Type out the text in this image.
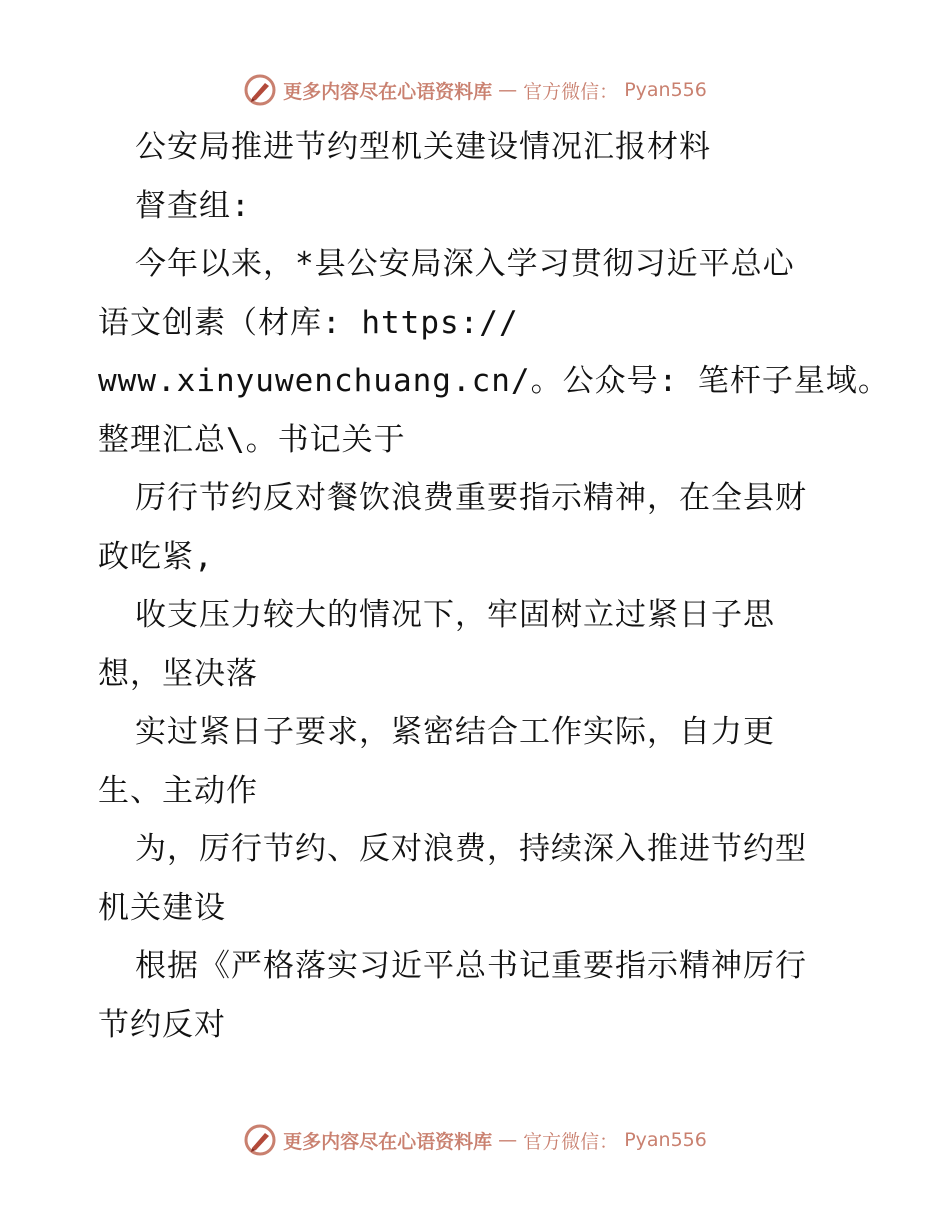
更多内容尽在心语资料库 — 官方微信： Pyan556
公安局推进节约型机关建设情况汇报材料
督查组:
今年以来，*县公安局深入学习贯彻习近平总心
语文创素（材库: https://
www.xinyuwenchuang.cn/。公众号: 笔杆子星域。
整理汇总\。书记关于
厉行节约反对餐饮浪费重要指示精神，在全县财
政吃紧,
收支压力较大的情况下，牢固树立过紧日子思
想，坚决落
实过紧日子要求，紧密结合工作实际，自力更
生、主动作
为，厉行节约、反对浪费，持续深入推进节约型
机关建设
根据《严格落实习近平总书记重要指示精神厉行
节约反对
更多内容尽在心语资料库 — 官方微信： Pyan556
